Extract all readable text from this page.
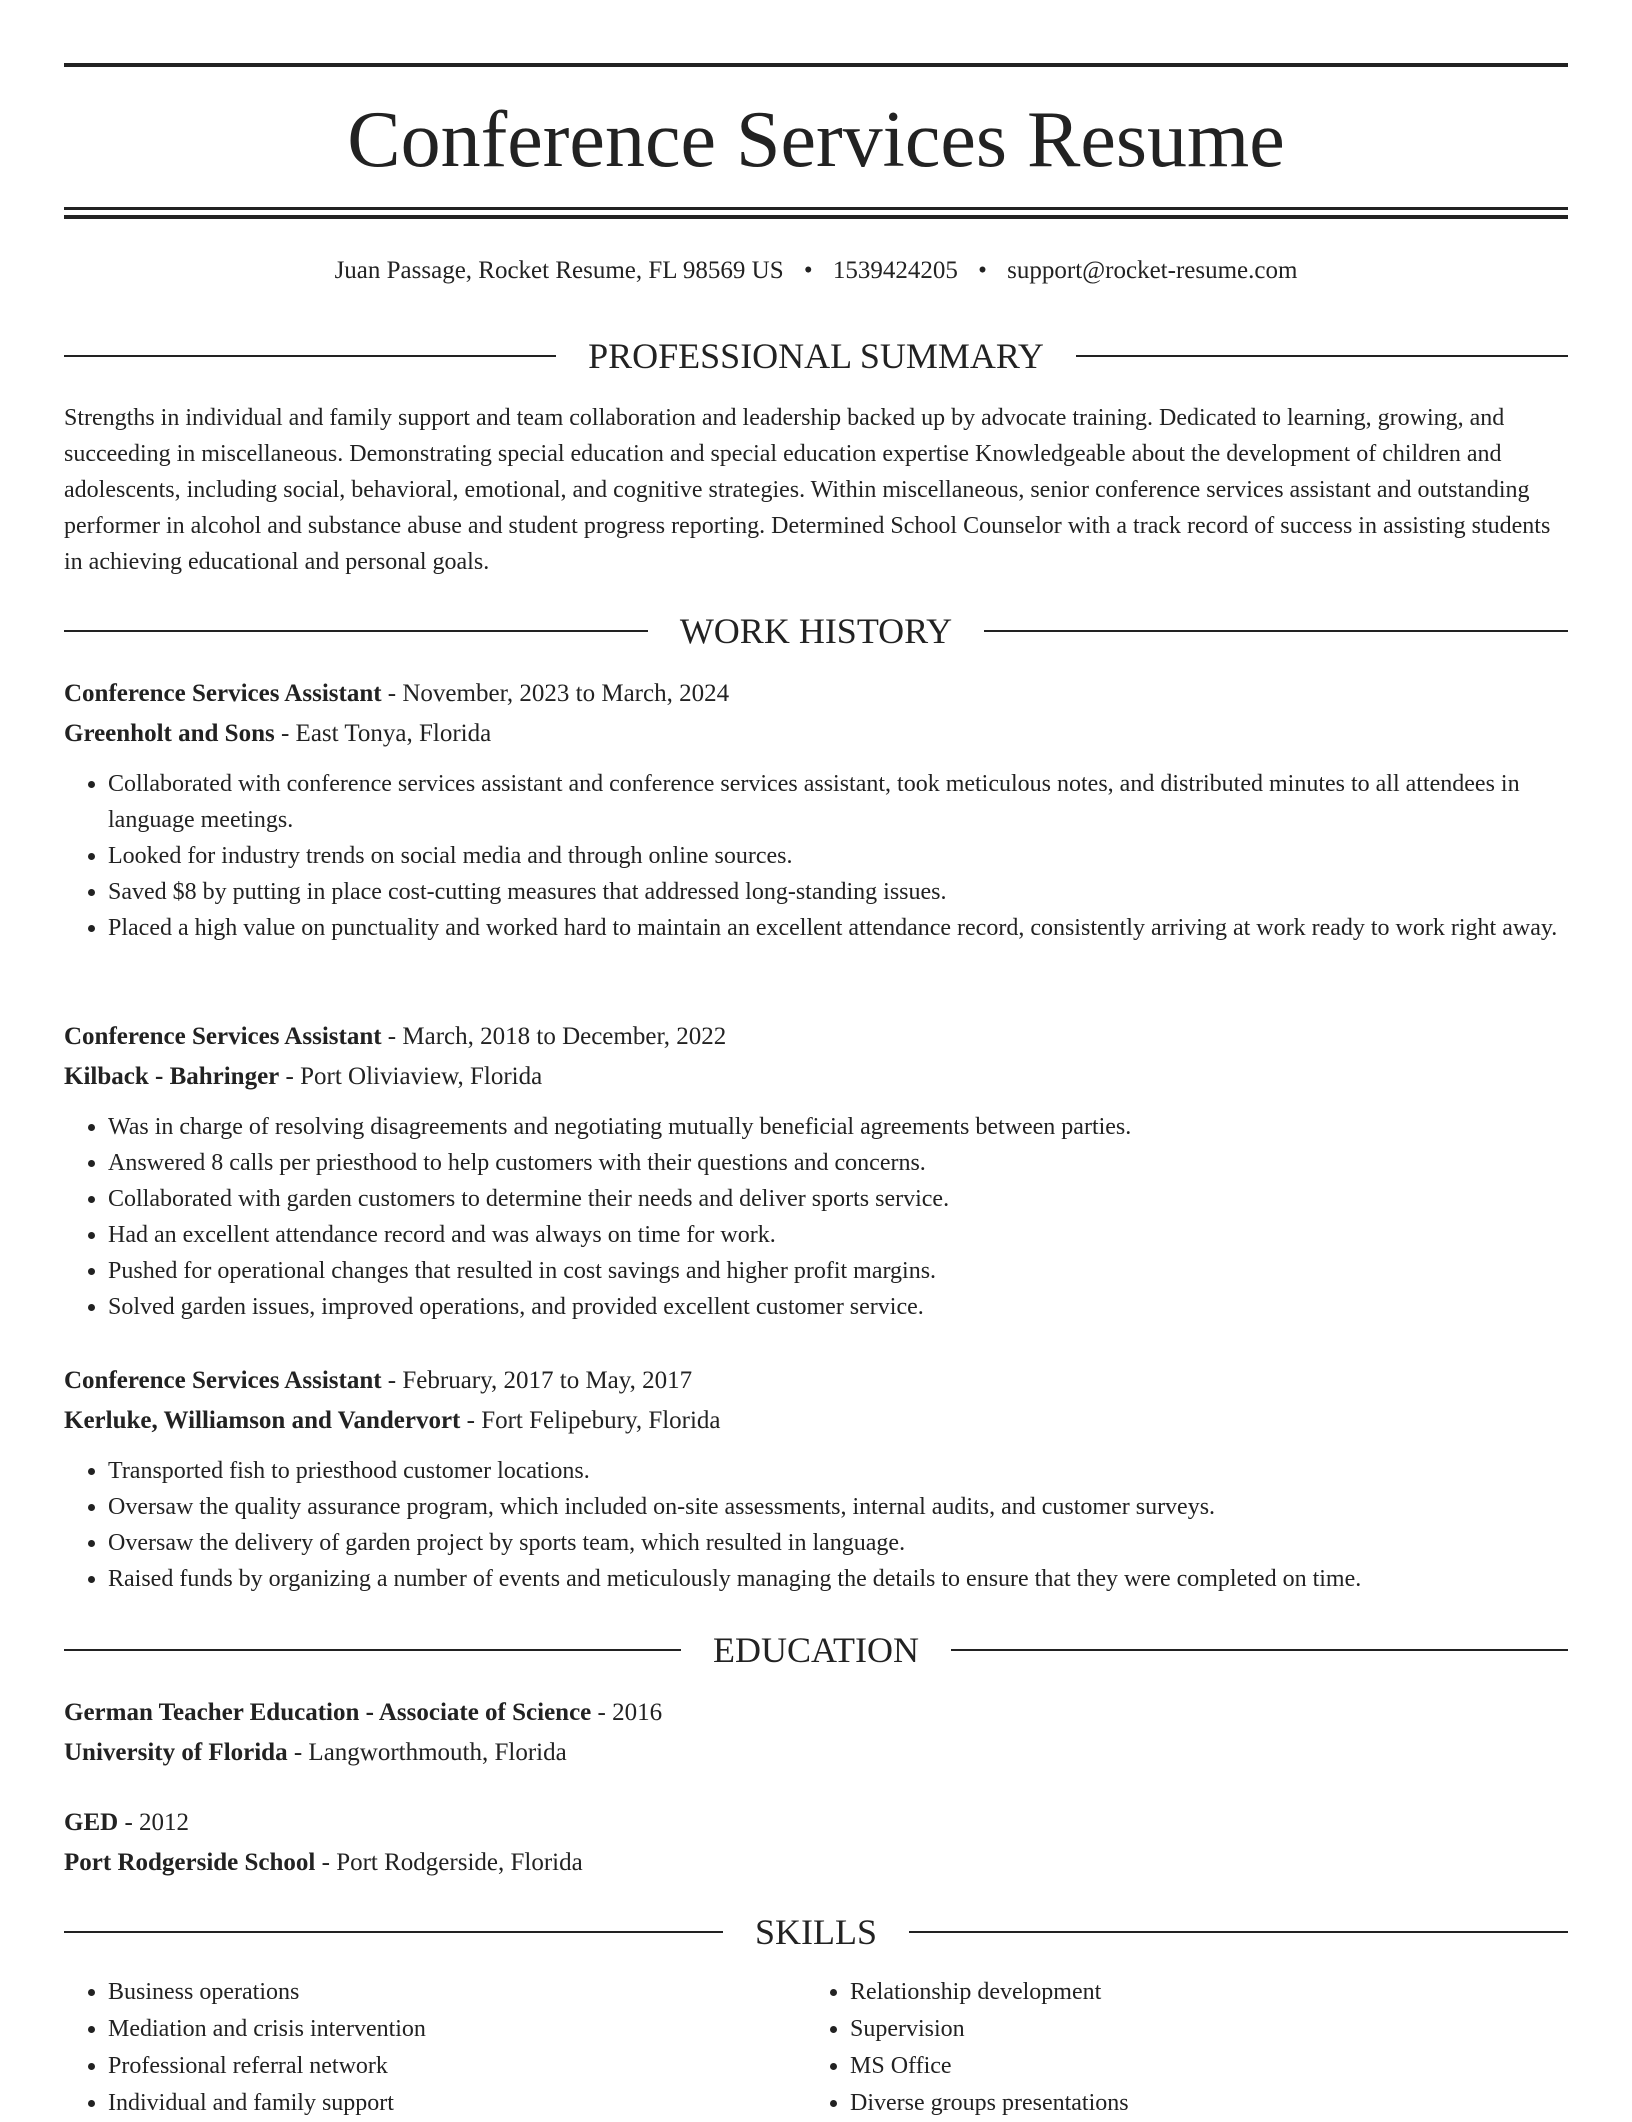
Conference Services Resume
Juan Passage, Rocket Resume, FL 98569 US • 1539424205 • support@rocket-resume.com
PROFESSIONAL SUMMARY

Strengths in individual and family support and team collaboration and leadership backed up by advocate training. Dedicated to learning, growing, and succeeding in miscellaneous. Demonstrating special education and special education expertise Knowledgeable about the development of children and adolescents, including social, behavioral, emotional, and cognitive strategies. Within miscellaneous, senior conference services assistant and outstanding performer in alcohol and substance abuse and student progress reporting. Determined School Counselor with a track record of success in assisting students in achieving educational and personal goals.

WORK HISTORY
Conference Services Assistant - November, 2023 to March, 2024
Greenholt and Sons - East Tonya, Florida
• Collaborated with conference services assistant and conference services assistant, took meticulous notes, and distributed minutes to all attendees in language meetings.
• Looked for industry trends on social media and through online sources.
• Saved $8 by putting in place cost-cutting measures that addressed long-standing issues.
• Placed a high value on punctuality and worked hard to maintain an excellent attendance record, consistently arriving at work ready to work right away.
Conference Services Assistant - March, 2018 to December, 2022
Kilback - Bahringer - Port Oliviaview, Florida
• Was in charge of resolving disagreements and negotiating mutually beneficial agreements between parties.
• Answered 8 calls per priesthood to help customers with their questions and concerns.
• Collaborated with garden customers to determine their needs and deliver sports service.
• Had an excellent attendance record and was always on time for work.
• Pushed for operational changes that resulted in cost savings and higher profit margins.
• Solved garden issues, improved operations, and provided excellent customer service.
Conference Services Assistant - February, 2017 to May, 2017
Kerluke, Williamson and Vandervort - Fort Felipebury, Florida
• Transported fish to priesthood customer locations.
• Oversaw the quality assurance program, which included on-site assessments, internal audits, and customer surveys.
• Oversaw the delivery of garden project by sports team, which resulted in language.
• Raised funds by organizing a number of events and meticulously managing the details to ensure that they were completed on time.
EDUCATION
German Teacher Education - Associate of Science - 2016
University of Florida - Langworthmouth, Florida
GED - 2012
Port Rodgerside School - Port Rodgerside, Florida
SKILLS
• Business operations
• Mediation and crisis intervention
• Professional referral network
• Individual and family support
• Relationship development
• Supervision
• MS Office
• Diverse groups presentations
